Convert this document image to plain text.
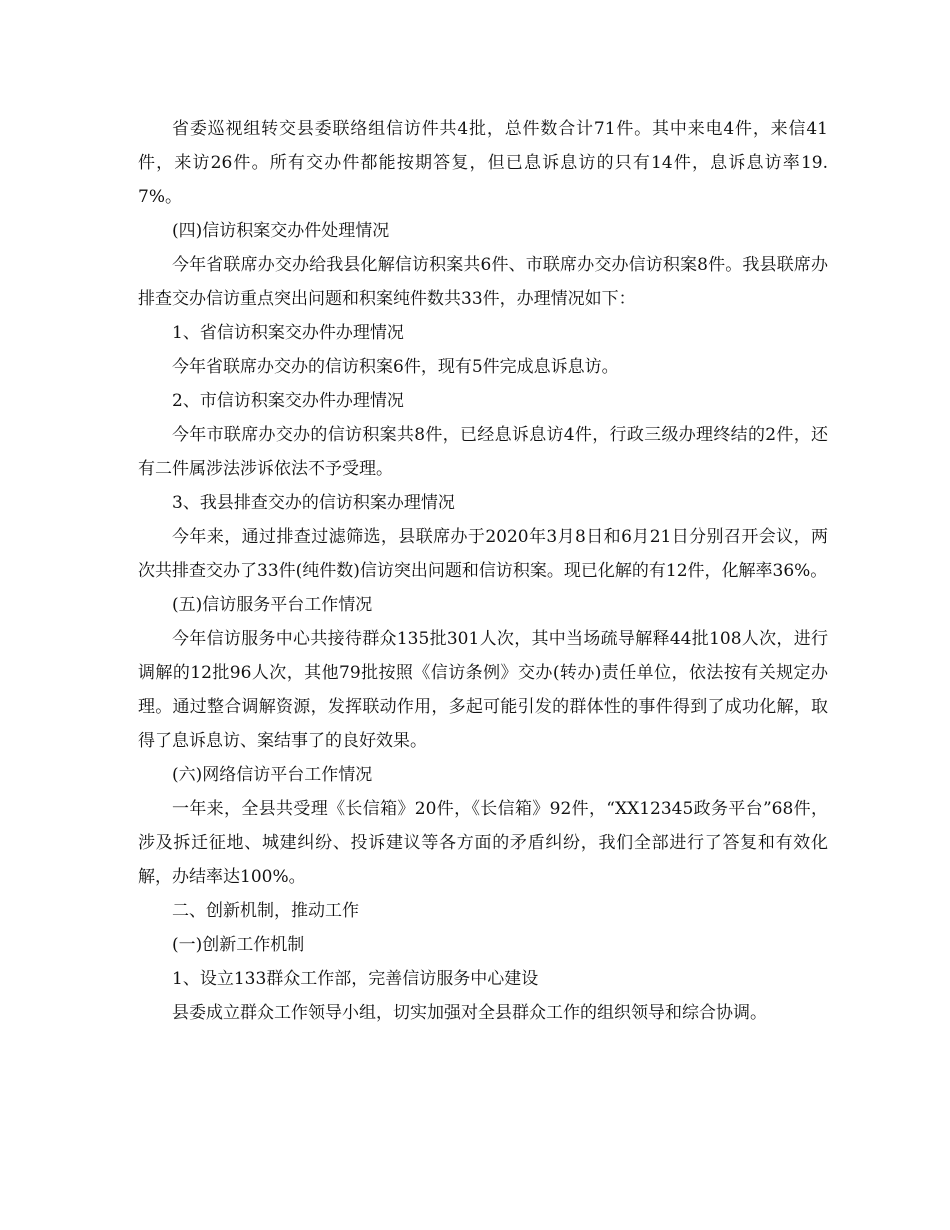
省委巡视组转交县委联络组信访件共4批，总件数合计71件。其中来电4件，来信41件，来访26件。所有交办件都能按期答复，但已息诉息访的只有14件，息诉息访率19.7%。

(四)信访积案交办件处理情况

今年省联席办交办给我县化解信访积案共6件、市联席办交办信访积案8件。我县联席办排查交办信访重点突出问题和积案纯件数共33件，办理情况如下：

1、省信访积案交办件办理情况

今年省联席办交办的信访积案6件，现有5件完成息诉息访。

2、市信访积案交办件办理情况

今年市联席办交办的信访积案共8件，已经息诉息访4件，行政三级办理终结的2件，还有二件属涉法涉诉依法不予受理。

3、我县排查交办的信访积案办理情况

今年来，通过排查过滤筛选，县联席办于2020年3月8日和6月21日分别召开会议，两次共排查交办了33件(纯件数)信访突出问题和信访积案。现已化解的有12件，化解率36%。

(五)信访服务平台工作情况

今年信访服务中心共接待群众135批301人次，其中当场疏导解释44批108人次，进行调解的12批96人次，其他79批按照《信访条例》交办(转办)责任单位，依法按有关规定办理。通过整合调解资源，发挥联动作用，多起可能引发的群体性的事件得到了成功化解，取得了息诉息访、案结事了的良好效果。

(六)网络信访平台工作情况

一年来，全县共受理《长信箱》20件，《长信箱》92件，“XX12345政务平台”68件，涉及拆迁征地、城建纠纷、投诉建议等各方面的矛盾纠纷，我们全部进行了答复和有效化解，办结率达100%。

二、创新机制，推动工作

(一)创新工作机制

1、设立133群众工作部，完善信访服务中心建设

县委成立群众工作领导小组，切实加强对全县群众工作的组织领导和综合协调。
